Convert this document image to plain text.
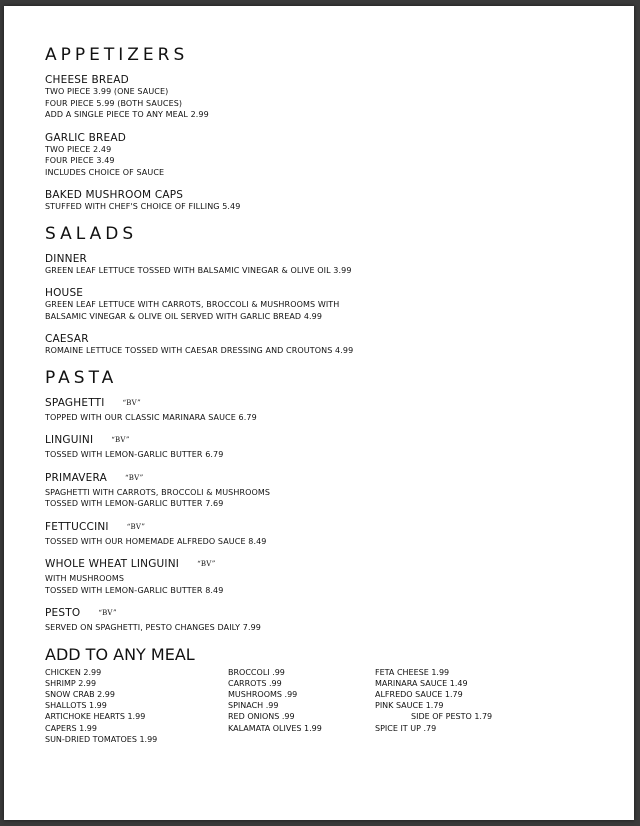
APPETIZERS
CHEESE BREAD
TWO PIECE 3.99 (ONE SAUCE)
FOUR PIECE 5.99 (BOTH SAUCES)
ADD A SINGLE PIECE TO ANY MEAL 2.99
GARLIC BREAD
TWO PIECE 2.49
FOUR PIECE 3.49
INCLUDES CHOICE OF SAUCE
BAKED MUSHROOM CAPS
STUFFED WITH CHEF'S CHOICE OF FILLING 5.49
SALADS
DINNER
GREEN LEAF LETTUCE TOSSED WITH BALSAMIC VINEGAR & OLIVE OIL 3.99
HOUSE
GREEN LEAF LETTUCE WITH CARROTS, BROCCOLI & MUSHROOMS WITH
BALSAMIC VINEGAR & OLIVE OIL SERVED WITH GARLIC BREAD 4.99
CAESAR
ROMAINE LETTUCE TOSSED WITH CAESAR DRESSING AND CROUTONS 4.99
PASTA
SPAGHETTI	“BV”
TOPPED WITH OUR CLASSIC MARINARA SAUCE 6.79
LINGUINI	“BV”
TOSSED WITH LEMON-GARLIC BUTTER 6.79
PRIMAVERA	“BV”
SPAGHETTI WITH CARROTS, BROCCOLI & MUSHROOMS
TOSSED WITH LEMON-GARLIC BUTTER 7.69
FETTUCCINI	“BV”
TOSSED WITH OUR HOMEMADE ALFREDO SAUCE 8.49
WHOLE WHEAT LINGUINI	“BV”
WITH MUSHROOMS
TOSSED WITH LEMON-GARLIC BUTTER 8.49
PESTO	“BV”
SERVED ON SPAGHETTI, PESTO CHANGES DAILY 7.99
ADD TO ANY MEAL
CHICKEN 2.99
SHRIMP 2.99
SNOW CRAB 2.99
SHALLOTS 1.99
ARTICHOKE HEARTS 1.99
CAPERS 1.99
SUN-DRIED TOMATOES 1.99
BROCCOLI .99
CARROTS .99
MUSHROOMS .99
SPINACH .99
RED ONIONS .99
KALAMATA OLIVES 1.99
FETA CHEESE 1.99
MARINARA SAUCE 1.49
ALFREDO SAUCE 1.79
PINK SAUCE 1.79
SIDE OF PESTO 1.79
SPICE IT UP .79
